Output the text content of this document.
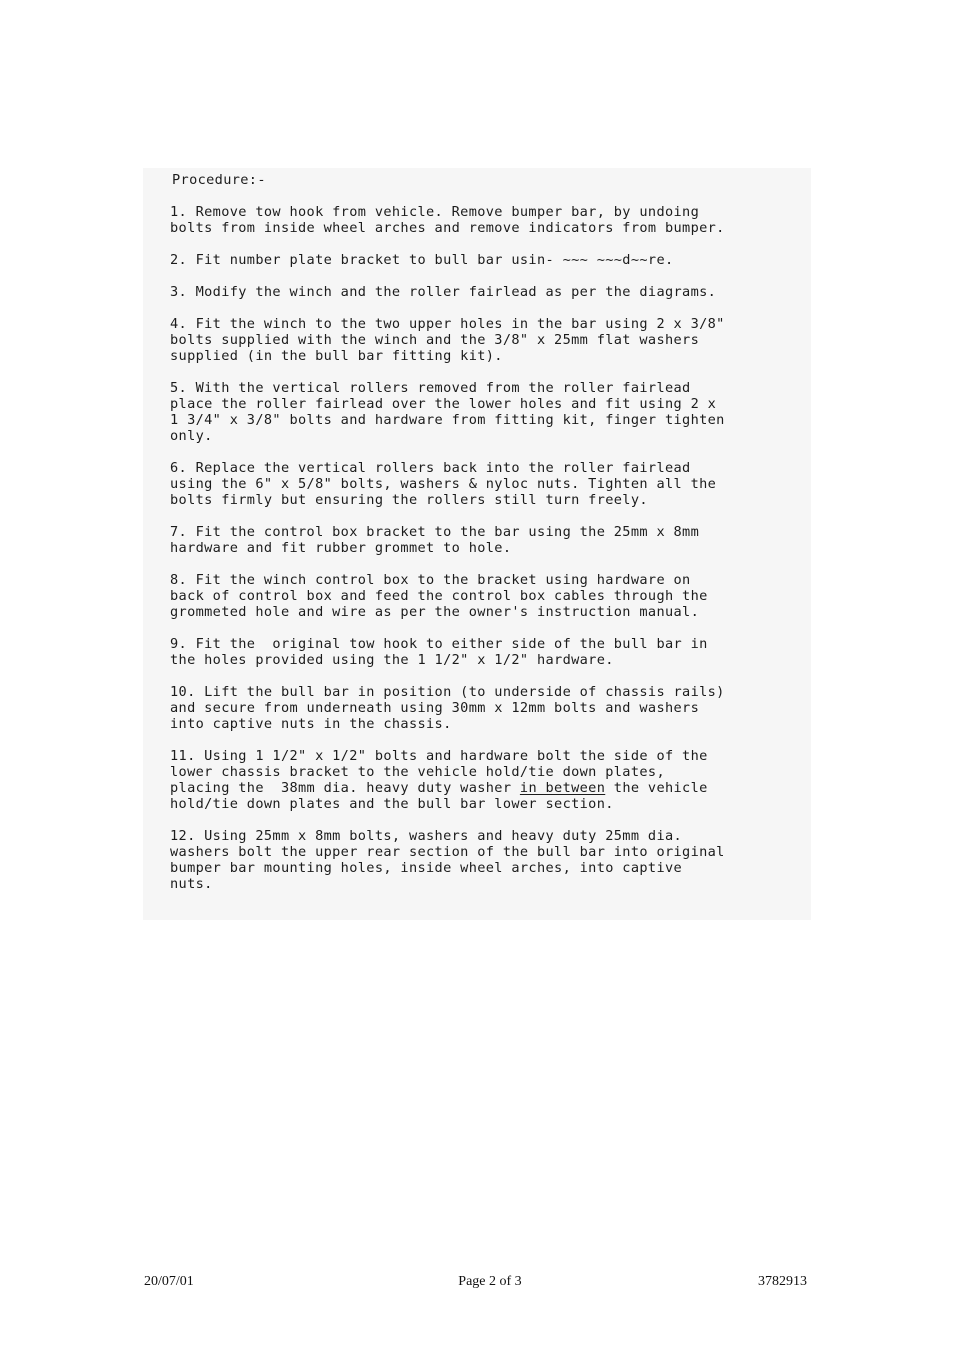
Procedure:-
1. Remove tow hook from vehicle. Remove bumper bar, by undoing
bolts from inside wheel arches and remove indicators from bumper.
2. Fit number plate bracket to bull bar usin- ~~~ ~~~d~~re.
3. Modify the winch and the roller fairlead as per the diagrams.
4. Fit the winch to the two upper holes in the bar using 2 x 3/8"
bolts supplied with the winch and the 3/8" x 25mm flat washers
supplied (in the bull bar fitting kit).
5. With the vertical rollers removed from the roller fairlead
place the roller fairlead over the lower holes and fit using 2 x
1 3/4" x 3/8" bolts and hardware from fitting kit, finger tighten
only.
6. Replace the vertical rollers back into the roller fairlead
using the 6" x 5/8" bolts, washers & nyloc nuts. Tighten all the
bolts firmly but ensuring the rollers still turn freely.
7. Fit the control box bracket to the bar using the 25mm x 8mm
hardware and fit rubber grommet to hole.
8. Fit the winch control box to the bracket using hardware on
back of control box and feed the control box cables through the
grommeted hole and wire as per the owner's instruction manual.
9. Fit the  original tow hook to either side of the bull bar in
the holes provided using the 1 1/2" x 1/2" hardware.
10. Lift the bull bar in position (to underside of chassis rails)
and secure from underneath using 30mm x 12mm bolts and washers
into captive nuts in the chassis.
11. Using 1 1/2" x 1/2" bolts and hardware bolt the side of the
lower chassis bracket to the vehicle hold/tie down plates,
placing the  38mm dia. heavy duty washer in between the vehicle
hold/tie down plates and the bull bar lower section.
12. Using 25mm x 8mm bolts, washers and heavy duty 25mm dia.
washers bolt the upper rear section of the bull bar into original
bumper bar mounting holes, inside wheel arches, into captive
nuts.
20/07/01	Page 2 of 3	3782913
